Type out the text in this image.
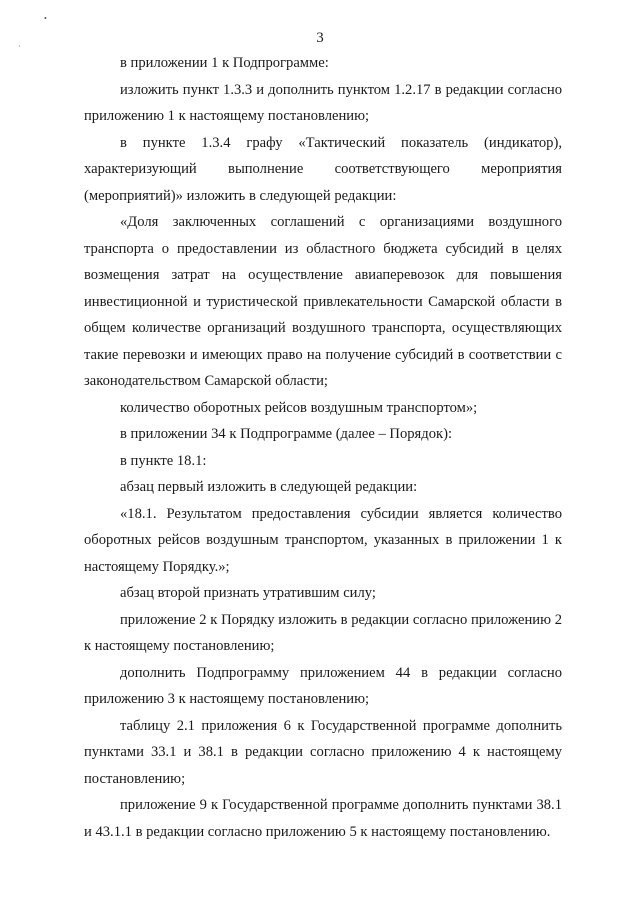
•
·
3

в приложении 1 к Подпрограмме:

изложить пункт 1.3.3 и дополнить пунктом 1.2.17 в редакции согласно приложению 1 к настоящему постановлению;

в пункте 1.3.4 графу «Тактический показатель (индикатор), характеризующий выполнение соответствующего мероприятия (мероприятий)» изложить в следующей редакции:

«Доля заключенных соглашений с организациями воздушного транспорта о предоставлении из областного бюджета субсидий в целях возмещения затрат на осуществление авиаперевозок для повышения инвестиционной и туристической привлекательности Самарской области в общем количестве организаций воздушного транспорта, осуществляющих такие перевозки и имеющих право на получение субсидий в соответствии с законодательством Самарской области;

количество оборотных рейсов воздушным транспортом»;

в приложении 34 к Подпрограмме (далее – Порядок):

в пункте 18.1:

абзац первый изложить в следующей редакции:

«18.1. Результатом предоставления субсидии является количество оборотных рейсов воздушным транспортом, указанных в приложении 1 к настоящему Порядку.»;

абзац второй признать утратившим силу;

приложение 2 к Порядку изложить в редакции согласно приложению 2 к настоящему постановлению;

дополнить Подпрограмму приложением 44 в редакции согласно приложению 3 к настоящему постановлению;

таблицу 2.1 приложения 6 к Государственной программе дополнить пунктами 33.1 и 38.1 в редакции согласно приложению 4 к настоящему постановлению;

приложение 9 к Государственной программе дополнить пунктами 38.1 и 43.1.1 в редакции согласно приложению 5 к настоящему постановлению.
